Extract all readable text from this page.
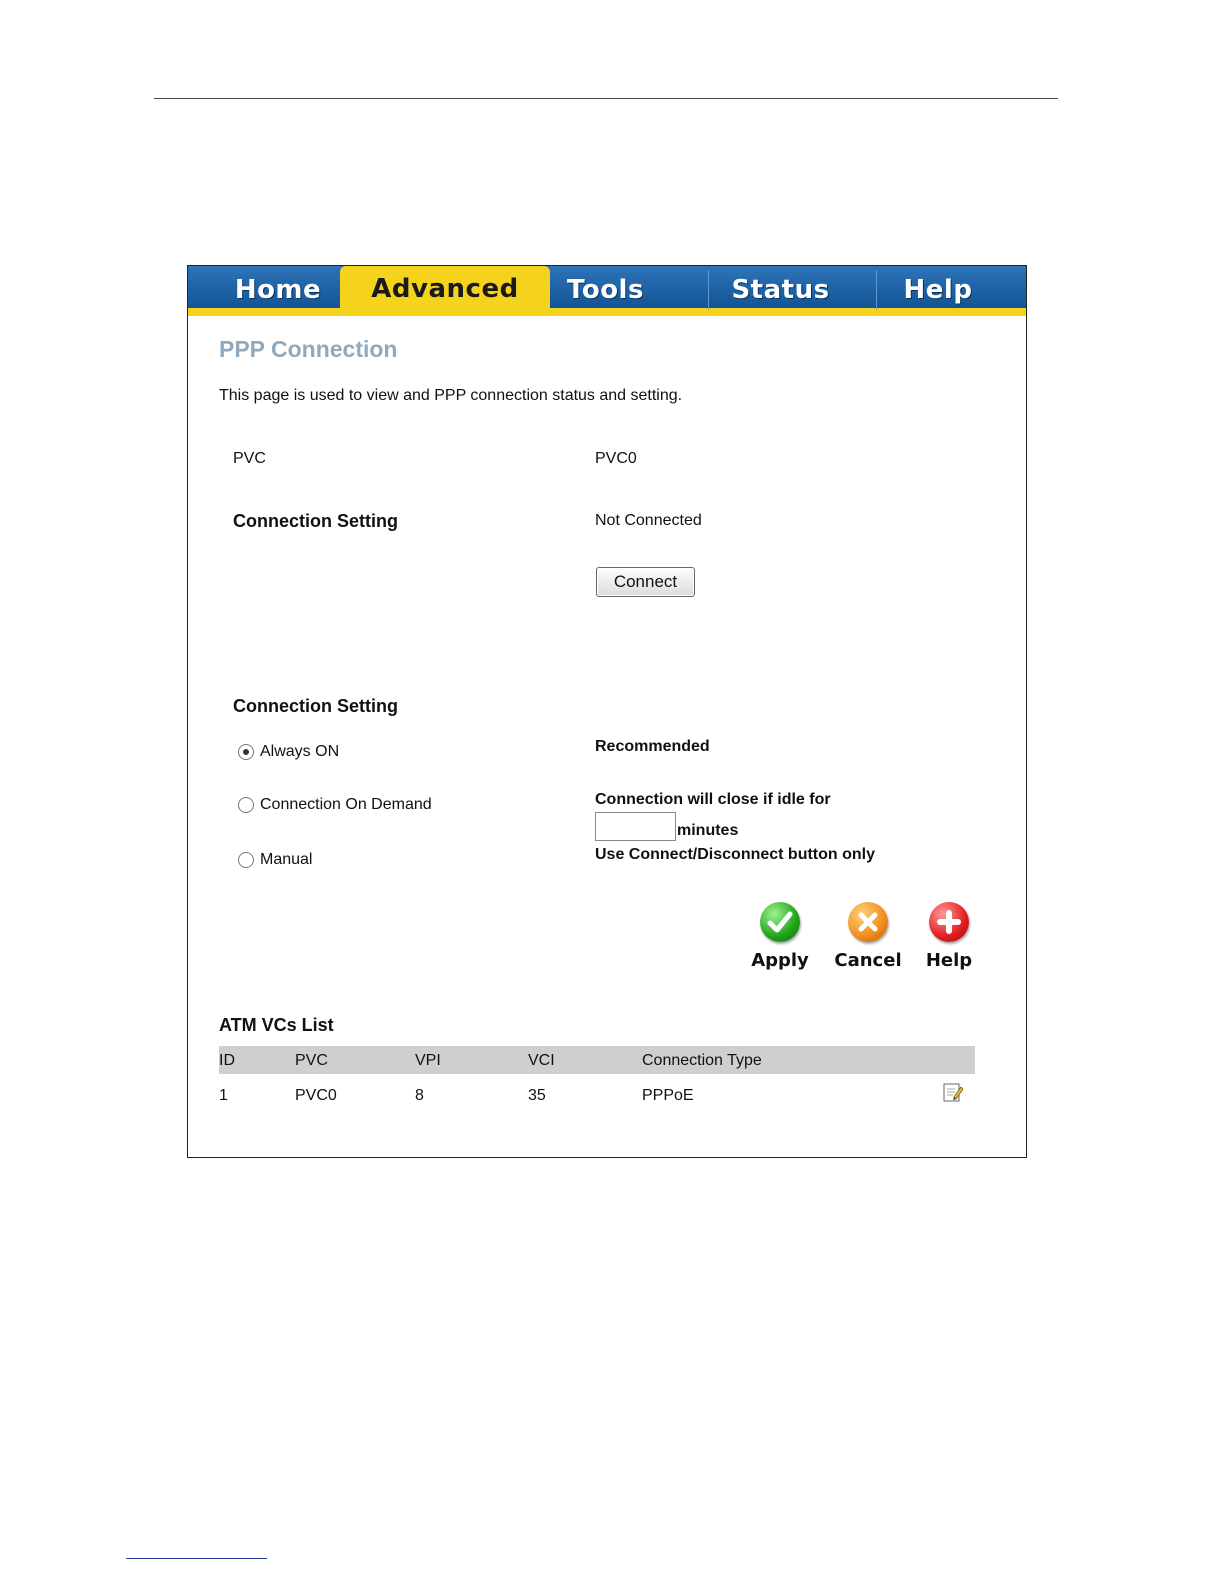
Home	Tools	Status	Help
Advanced
PPP Connection
This page is used to view and PPP connection status and setting.
PVC	PVC0
Connection Setting	Not Connected
Connect
Connection Setting
Always ON
Connection On Demand
Manual
Recommended
Connection will close if idle for
minutes
Use Connect/Disconnect button only
Apply	Cancel	Help
ATM VCs List
ID	PVC	VPI	VCI	Connection Type
1	PVC0	8	35	PPPoE
